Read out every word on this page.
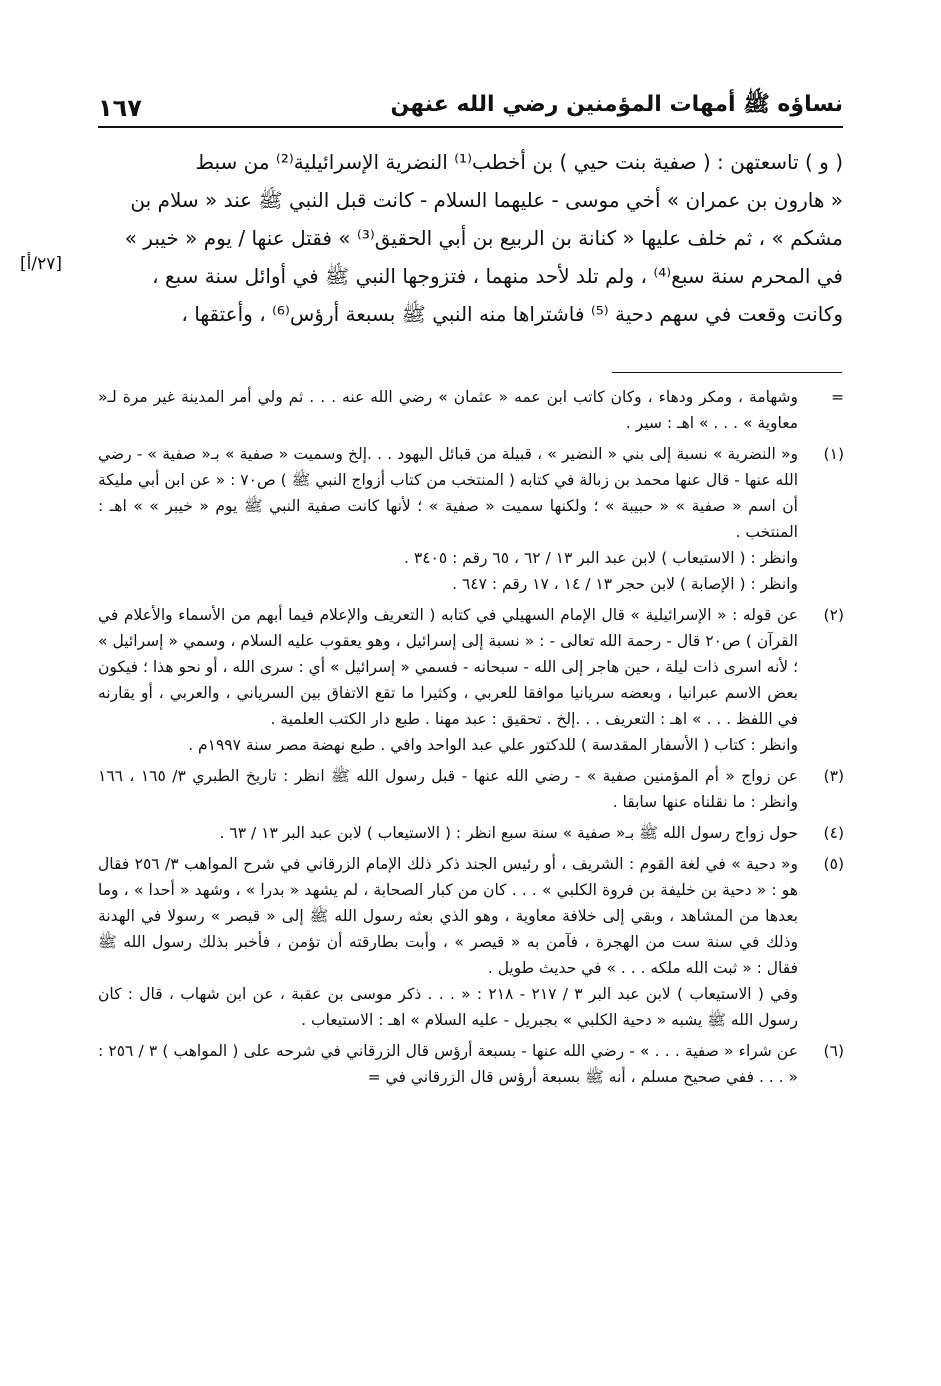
نساؤه ﷺ أمهات المؤمنين رضي الله عنهن
١٦٧
[٢٧/أ]

( و ) تاسعتهن : ( صفية بنت حيي ) بن أخطب⁽¹⁾ النضرية الإسرائيلية⁽²⁾ من سبط

« هارون بن عمران » أخي موسى - عليهما السلام - كانت قبل النبي ﷺ عند « سلام بن

مشكم » ، ثم خلف عليها « كنانة بن الربيع بن أبي الحقيق⁽³⁾ » فقتل عنها / يوم « خيبر »

في المحرم سنة سبع⁽⁴⁾ ، ولم تلد لأحد منهما ، فتزوجها النبي ﷺ في أوائل سنة سبع ،

وكانت وقعت في سهم دحية ⁽⁵⁾ فاشتراها منه النبي ﷺ بسبعة أرؤس⁽⁶⁾ ، وأعتقها ،

=

وشهامة ، ومكر ودهاء ، وكان كاتب ابن عمه « عثمان » رضي الله عنه . . . ثم ولي أمر المدينة غير مرة لـ« معاوية » . . . » اهـ : سير .

(١)

و« النضرية » نسبة إلى بني « النضير » ، قبيلة من قبائل اليهود . . .إلخ وسميت « صفية » بـ« صفية » - رضي الله عنها - قال عنها محمد بن زبالة في كتابه ( المنتخب من كتاب أزواج النبي ﷺ ) ص٧٠ : « عن ابن أبي مليكة أن اسم « صفية » « حبيبة » ؛ ولكنها سميت « صفية » ؛ لأنها كانت صفية النبي ﷺ يوم « خيبر » » اهـ : المنتخب .

وانظر : ( الاستيعاب ) لابن عبد البر ١٣ / ٦٢ ، ٦٥ رقم : ٣٤٠٥ .

وانظر : ( الإصابة ) لابن حجر ١٣ / ١٤ ، ١٧ رقم : ٦٤٧ .

(٢)

عن قوله : « الإسرائيلية » قال الإمام السهيلي في كتابه ( التعريف والإعلام فيما أبهم من الأسماء والأعلام في القرآن ) ص٢٠ قال - رحمة الله تعالى - : « نسبة إلى إسرائيل ، وهو يعقوب عليه السلام ، وسمي « إسرائيل » ؛ لأنه اسرى ذات ليلة ، حين هاجر إلى الله - سبحانه - فسمي « إسرائيل » أي : سرى الله ، أو نحو هذا ؛ فيكون بعض الاسم عبرانيا ، وبعضه سريانيا موافقا للعربي ، وكثيرا ما تقع الاتفاق بين السرياني ، والعربي ، أو يقارنه في اللفظ . . . » اهـ : التعريف . . .إلخ . تحقيق : عبد مهنا . طبع دار الكتب العلمية .

وانظر : كتاب ( الأسفار المقدسة ) للدكتور علي عبد الواحد وافي . طبع نهضة مصر سنة ١٩٩٧م .

(٣)

عن زواج « أم المؤمنين صفية » - رضي الله عنها - قبل رسول الله ﷺ انظر : تاريخ الطبري ٣/ ١٦٥ ، ١٦٦ وانظر : ما نقلناه عنها سابقا .

(٤)

حول زواج رسول الله ﷺ بـ« صفية » سنة سبع انظر : ( الاستيعاب ) لابن عبد البر ١٣ / ٦٣ .

(٥)

و« دحية » في لغة القوم : الشريف ، أو رئيس الجند ذكر ذلك الإمام الزرقاني في شرح المواهب ٣/ ٢٥٦ فقال هو : « دحية بن خليفة بن فروة الكلبي » . . . كان من كبار الصحابة ، لم يشهد « بدرا » ، وشهد « أحدا » ، وما بعدها من المشاهد ، وبقي إلى خلافة معاوية ، وهو الذي بعثه رسول الله ﷺ إلى « قيصر » رسولا في الهدنة وذلك في سنة ست من الهجرة ، فآمن به « قيصر » ، وأبت بطارقته أن تؤمن ، فأخبر بذلك رسول الله ﷺ فقال : « ثبت الله ملكه . . . » في حديث طويل .

وفي ( الاستيعاب ) لابن عبد البر ٣ / ٢١٧ - ٢١٨ : « . . . ذكر موسى بن عقبة ، عن ابن شهاب ، قال : كان رسول الله ﷺ يشبه « دحية الكلبي » بجبريل - عليه السلام » اهـ : الاستيعاب .

(٦)

عن شراء « صفية . . . » - رضي الله عنها - بسبعة أرؤس قال الزرقاني في شرحه على ( المواهب ) ٣ / ٢٥٦ : « . . . ففي صحيح مسلم ، أنه ﷺ بسبعة أرؤس قال الزرقاني في =
